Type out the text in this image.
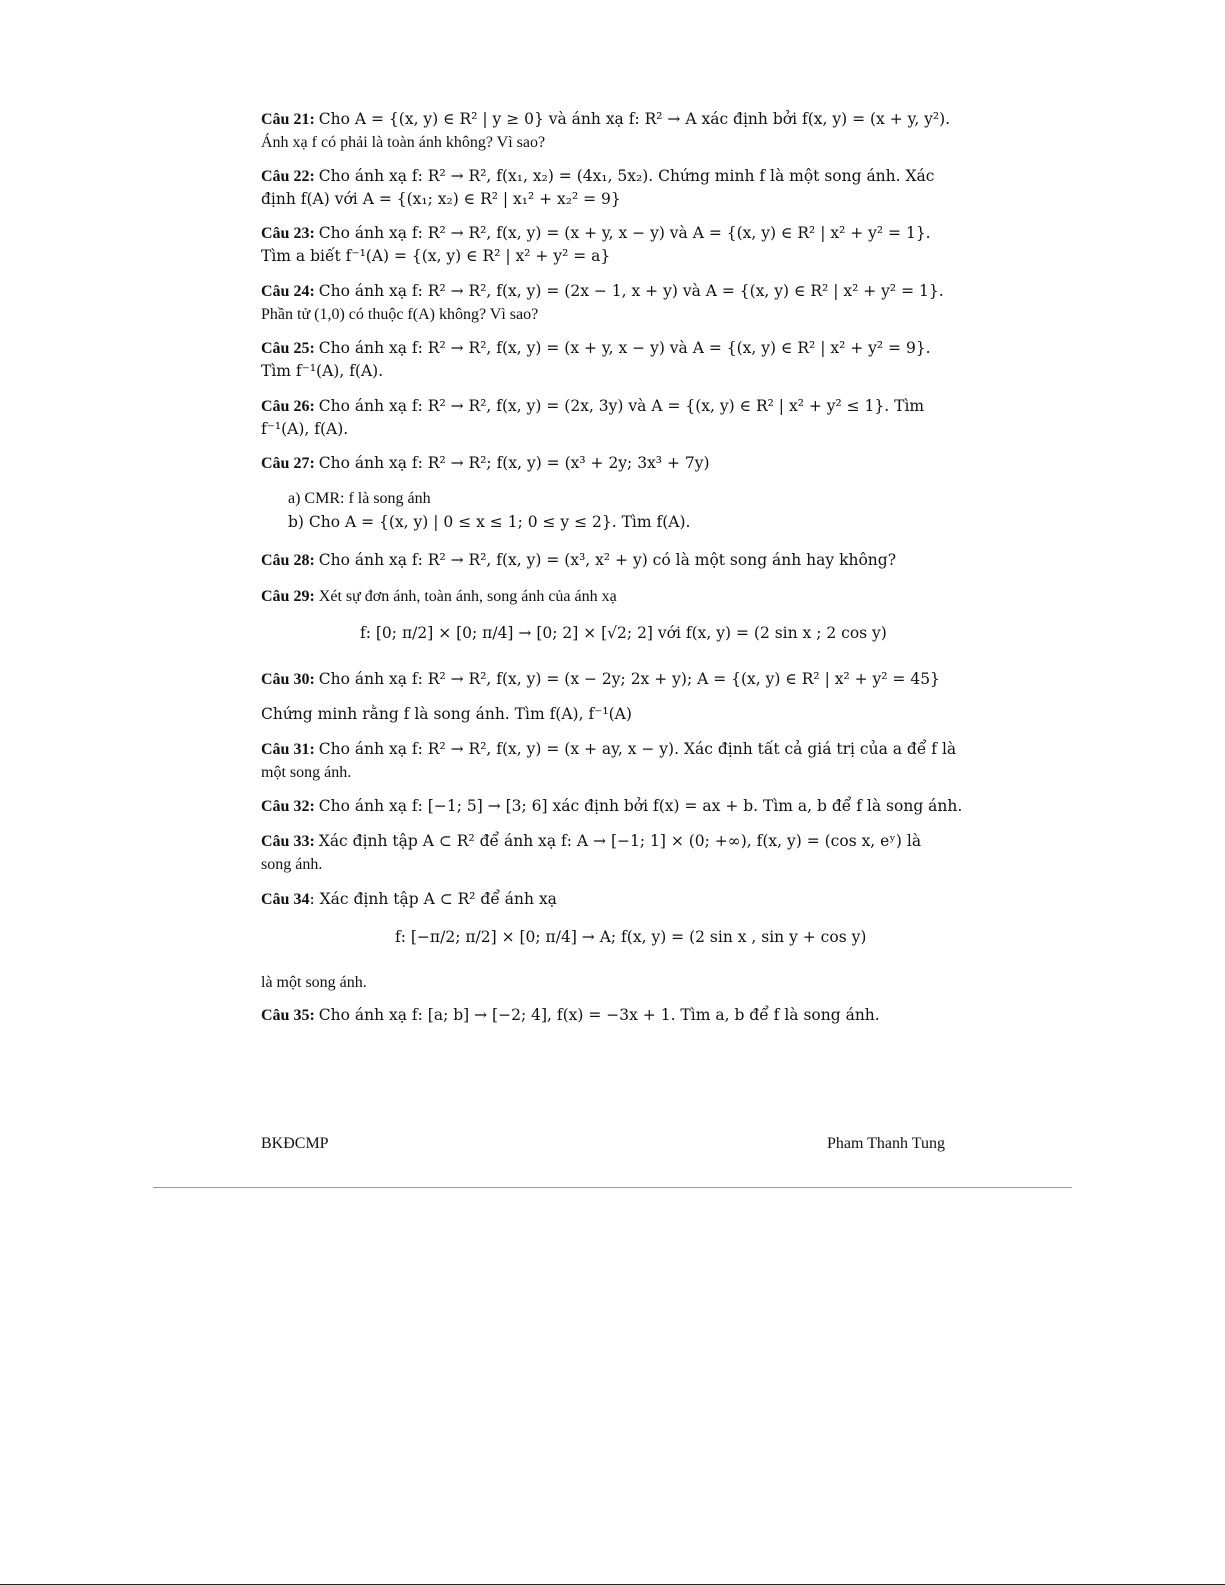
Câu 21: Cho A = {(x, y) ∈ R² | y ≥ 0} và ánh xạ f: R² → A xác định bởi f(x, y) = (x + y, y²).
Ánh xạ f có phải là toàn ánh không? Vì sao?
Câu 22: Cho ánh xạ f: R² → R², f(x₁, x₂) = (4x₁, 5x₂). Chứng minh f là một song ánh. Xác
định f(A) với A = {(x₁; x₂) ∈ R² | x₁² + x₂² = 9}
Câu 23: Cho ánh xạ f: R² → R², f(x, y) = (x + y, x − y) và A = {(x, y) ∈ R² | x² + y² = 1}.
Tìm a biết f⁻¹(A) = {(x, y) ∈ R² | x² + y² = a}
Câu 24: Cho ánh xạ f: R² → R², f(x, y) = (2x − 1, x + y) và A = {(x, y) ∈ R² | x² + y² = 1}.
Phần tử (1,0) có thuộc f(A) không? Vì sao?
Câu 25: Cho ánh xạ f: R² → R², f(x, y) = (x + y, x − y) và A = {(x, y) ∈ R² | x² + y² = 9}.
Tìm f⁻¹(A), f(A).
Câu 26: Cho ánh xạ f: R² → R², f(x, y) = (2x, 3y) và A = {(x, y) ∈ R² | x² + y² ≤ 1}. Tìm
f⁻¹(A), f(A).
Câu 27: Cho ánh xạ f: R² → R²; f(x, y) = (x³ + 2y; 3x³ + 7y)
a) CMR: f là song ánh
b) Cho A = {(x, y) | 0 ≤ x ≤ 1; 0 ≤ y ≤ 2}. Tìm f(A).
Câu 28: Cho ánh xạ f: R² → R², f(x, y) = (x³, x² + y) có là một song ánh hay không?
Câu 29: Xét sự đơn ánh, toàn ánh, song ánh của ánh xạ
f: [0; π/2] × [0; π/4] → [0; 2] × [√2; 2] với f(x, y) = (2 sin x ; 2 cos y)
Câu 30: Cho ánh xạ f: R² → R², f(x, y) = (x − 2y; 2x + y); A = {(x, y) ∈ R² | x² + y² = 45}
Chứng minh rằng f là song ánh. Tìm f(A), f⁻¹(A)
Câu 31: Cho ánh xạ f: R² → R², f(x, y) = (x + ay, x − y). Xác định tất cả giá trị của a để f là
một song ánh.
Câu 32: Cho ánh xạ f: [−1; 5] → [3; 6] xác định bởi f(x) = ax + b. Tìm a, b để f là song ánh.
Câu 33: Xác định tập A ⊂ R² để ánh xạ f: A → [−1; 1] × (0; +∞), f(x, y) = (cos x, eʸ) là
song ánh.
Câu 34: Xác định tập A ⊂ R² để ánh xạ
f: [−π/2; π/2] × [0; π/4] → A; f(x, y) = (2 sin x , sin y + cos y)
là một song ánh.
Câu 35: Cho ánh xạ f: [a; b] → [−2; 4], f(x) = −3x + 1. Tìm a, b để f là song ánh.
BKĐCMP	Pham Thanh Tung
